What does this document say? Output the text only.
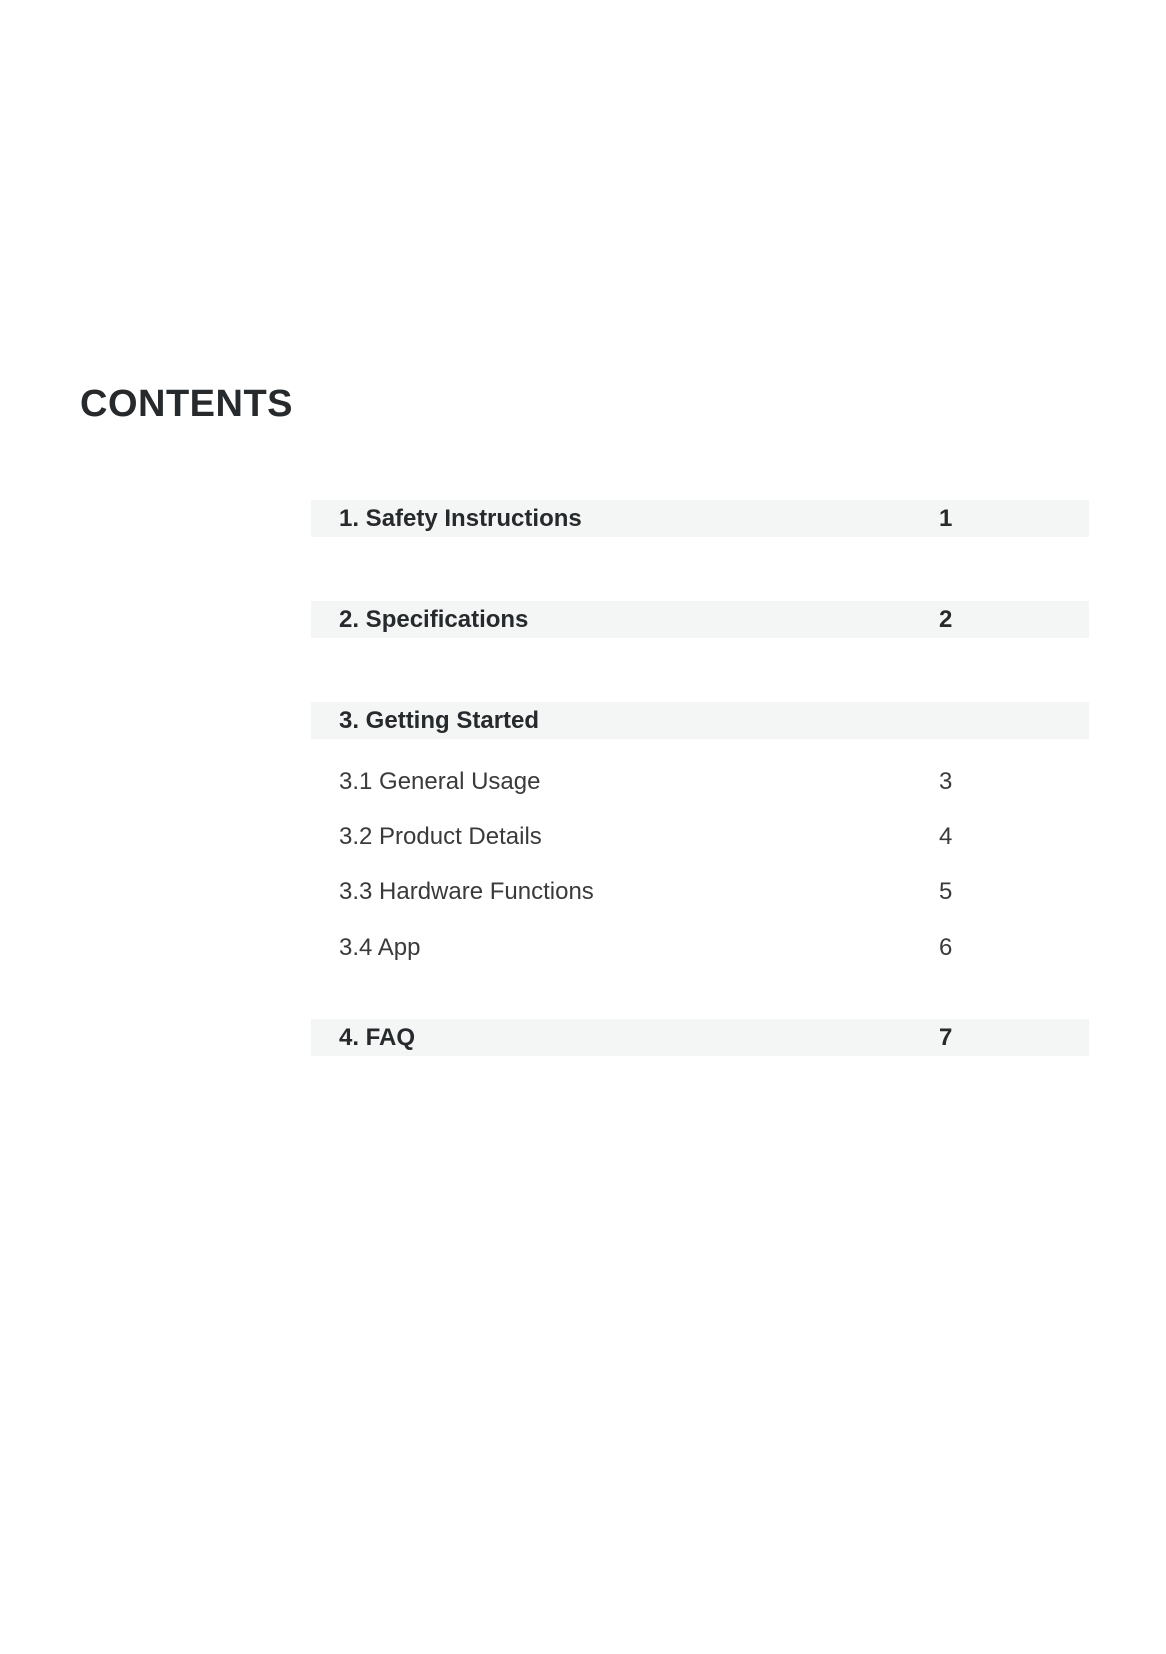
CONTENTS
1. Safety Instructions	1
2. Specifications	2
3. Getting Started
3.1 General Usage	3
3.2 Product Details	4
3.3 Hardware Functions	5
3.4 App	6
4. FAQ	7
